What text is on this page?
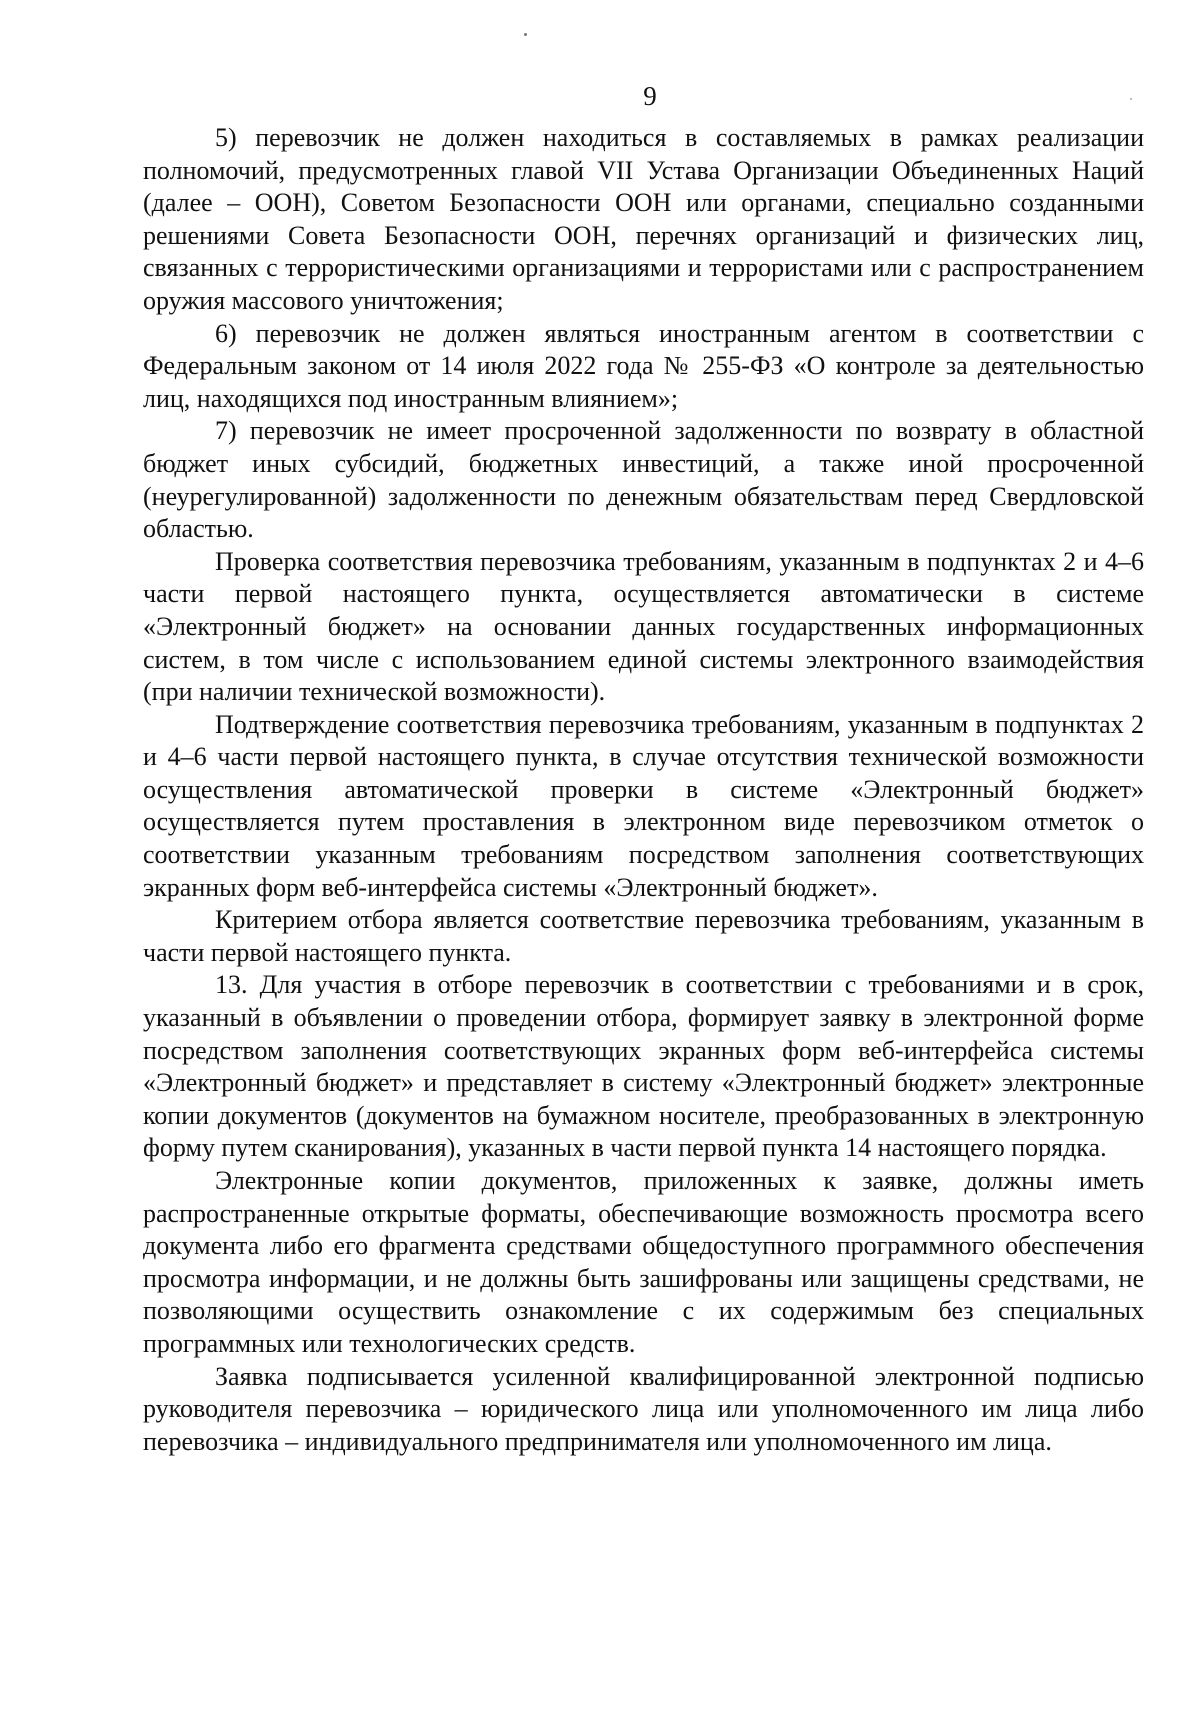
9

5) перевозчик не должен находиться в составляемых в рамках реализации полномочий, предусмотренных главой VII Устава Организации Объединенных Наций (далее – ООН), Советом Безопасности ООН или органами, специально созданными решениями Совета Безопасности ООН, перечнях организаций и физических лиц, связанных с террористическими организациями и террористами или с распространением оружия массового уничтожения;

6) перевозчик не должен являться иностранным агентом в соответствии с Федеральным законом от 14 июля 2022 года № 255-ФЗ «О контроле за деятельностью лиц, находящихся под иностранным влиянием»;

7) перевозчик не имеет просроченной задолженности по возврату в областной бюджет иных субсидий, бюджетных инвестиций, а также иной просроченной (неурегулированной) задолженности по денежным обязательствам перед Свердловской областью.

Проверка соответствия перевозчика требованиям, указанным в подпунктах 2 и 4–6 части первой настоящего пункта, осуществляется автоматически в системе «Электронный бюджет» на основании данных государственных информационных систем, в том числе с использованием единой системы электронного взаимодействия (при наличии технической возможности).

Подтверждение соответствия перевозчика требованиям, указанным в подпунктах 2 и 4–6 части первой настоящего пункта, в случае отсутствия технической возможности осуществления автоматической проверки в системе «Электронный бюджет» осуществляется путем проставления в электронном виде перевозчиком отметок о соответствии указанным требованиям посредством заполнения соответствующих экранных форм веб-интерфейса системы «Электронный бюджет».

Критерием отбора является соответствие перевозчика требованиям, указанным в части первой настоящего пункта.

13. Для участия в отборе перевозчик в соответствии с требованиями и в срок, указанный в объявлении о проведении отбора, формирует заявку в электронной форме посредством заполнения соответствующих экранных форм веб-интерфейса системы «Электронный бюджет» и представляет в систему «Электронный бюджет» электронные копии документов (документов на бумажном носителе, преобразованных в электронную форму путем сканирования), указанных в части первой пункта 14 настоящего порядка.

Электронные копии документов, приложенных к заявке, должны иметь распространенные открытые форматы, обеспечивающие возможность просмотра всего документа либо его фрагмента средствами общедоступного программного обеспечения просмотра информации, и не должны быть зашифрованы или защищены средствами, не позволяющими осуществить ознакомление с их содержимым без специальных программных или технологических средств.

Заявка подписывается усиленной квалифицированной электронной подписью руководителя перевозчика – юридического лица или уполномоченного им лица либо перевозчика – индивидуального предпринимателя или уполномоченного им лица.
